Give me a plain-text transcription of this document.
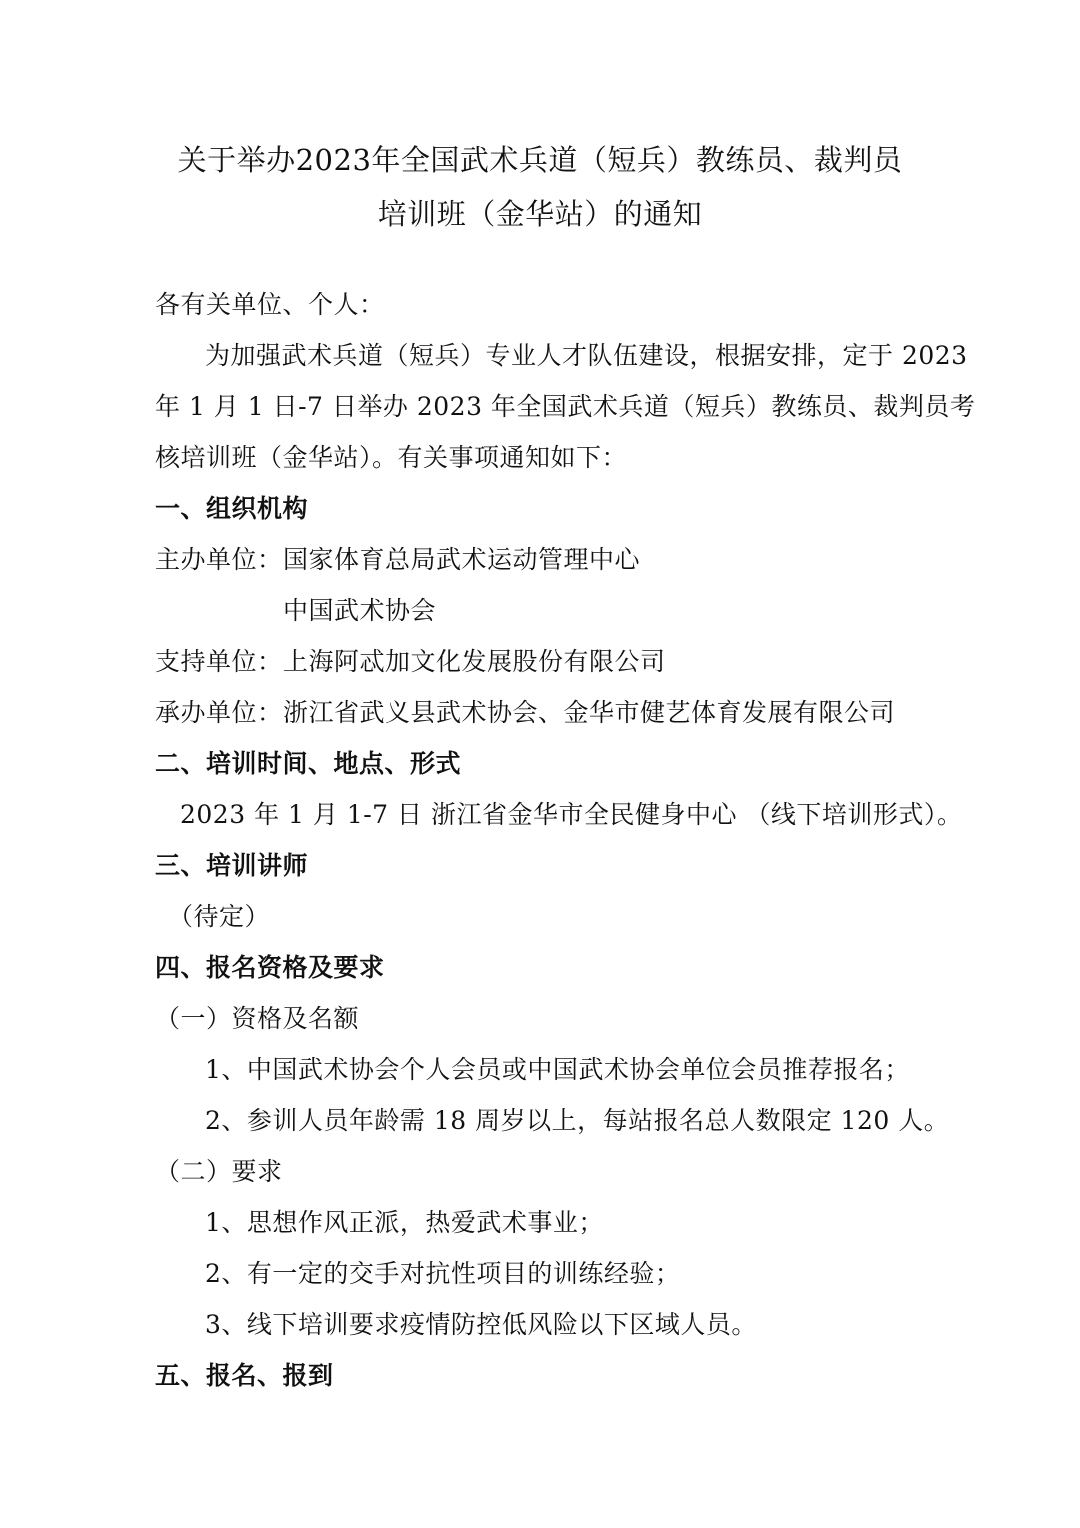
关于举办2023年全国武术兵道（短兵）教练员、裁判员
培训班（金华站）的通知
各有关单位、个人：
为加强武术兵道（短兵）专业人才队伍建设，根据安排，定于 2023
年 1 月 1 日-7 日举办 2023 年全国武术兵道（短兵）教练员、裁判员考
核培训班（金华站）。有关事项通知如下：
一、组织机构
主办单位： 国家体育总局武术运动管理中心
中国武术协会
支持单位： 上海阿忒加文化发展股份有限公司
承办单位： 浙江省武义县武术协会、金华市健艺体育发展有限公司
二、培训时间、地点、形式
2023 年 1 月 1-7 日 浙江省金华市全民健身中心 （线下培训形式）。
三、培训讲师
（待定）
四、报名资格及要求
（一）资格及名额
1、中国武术协会个人会员或中国武术协会单位会员推荐报名；
2、参训人员年龄需 18 周岁以上，每站报名总人数限定 120 人。
（二）要求
1、思想作风正派，热爱武术事业；
2、有一定的交手对抗性项目的训练经验；
3、线下培训要求疫情防控低风险以下区域人员。
五、报名、报到
